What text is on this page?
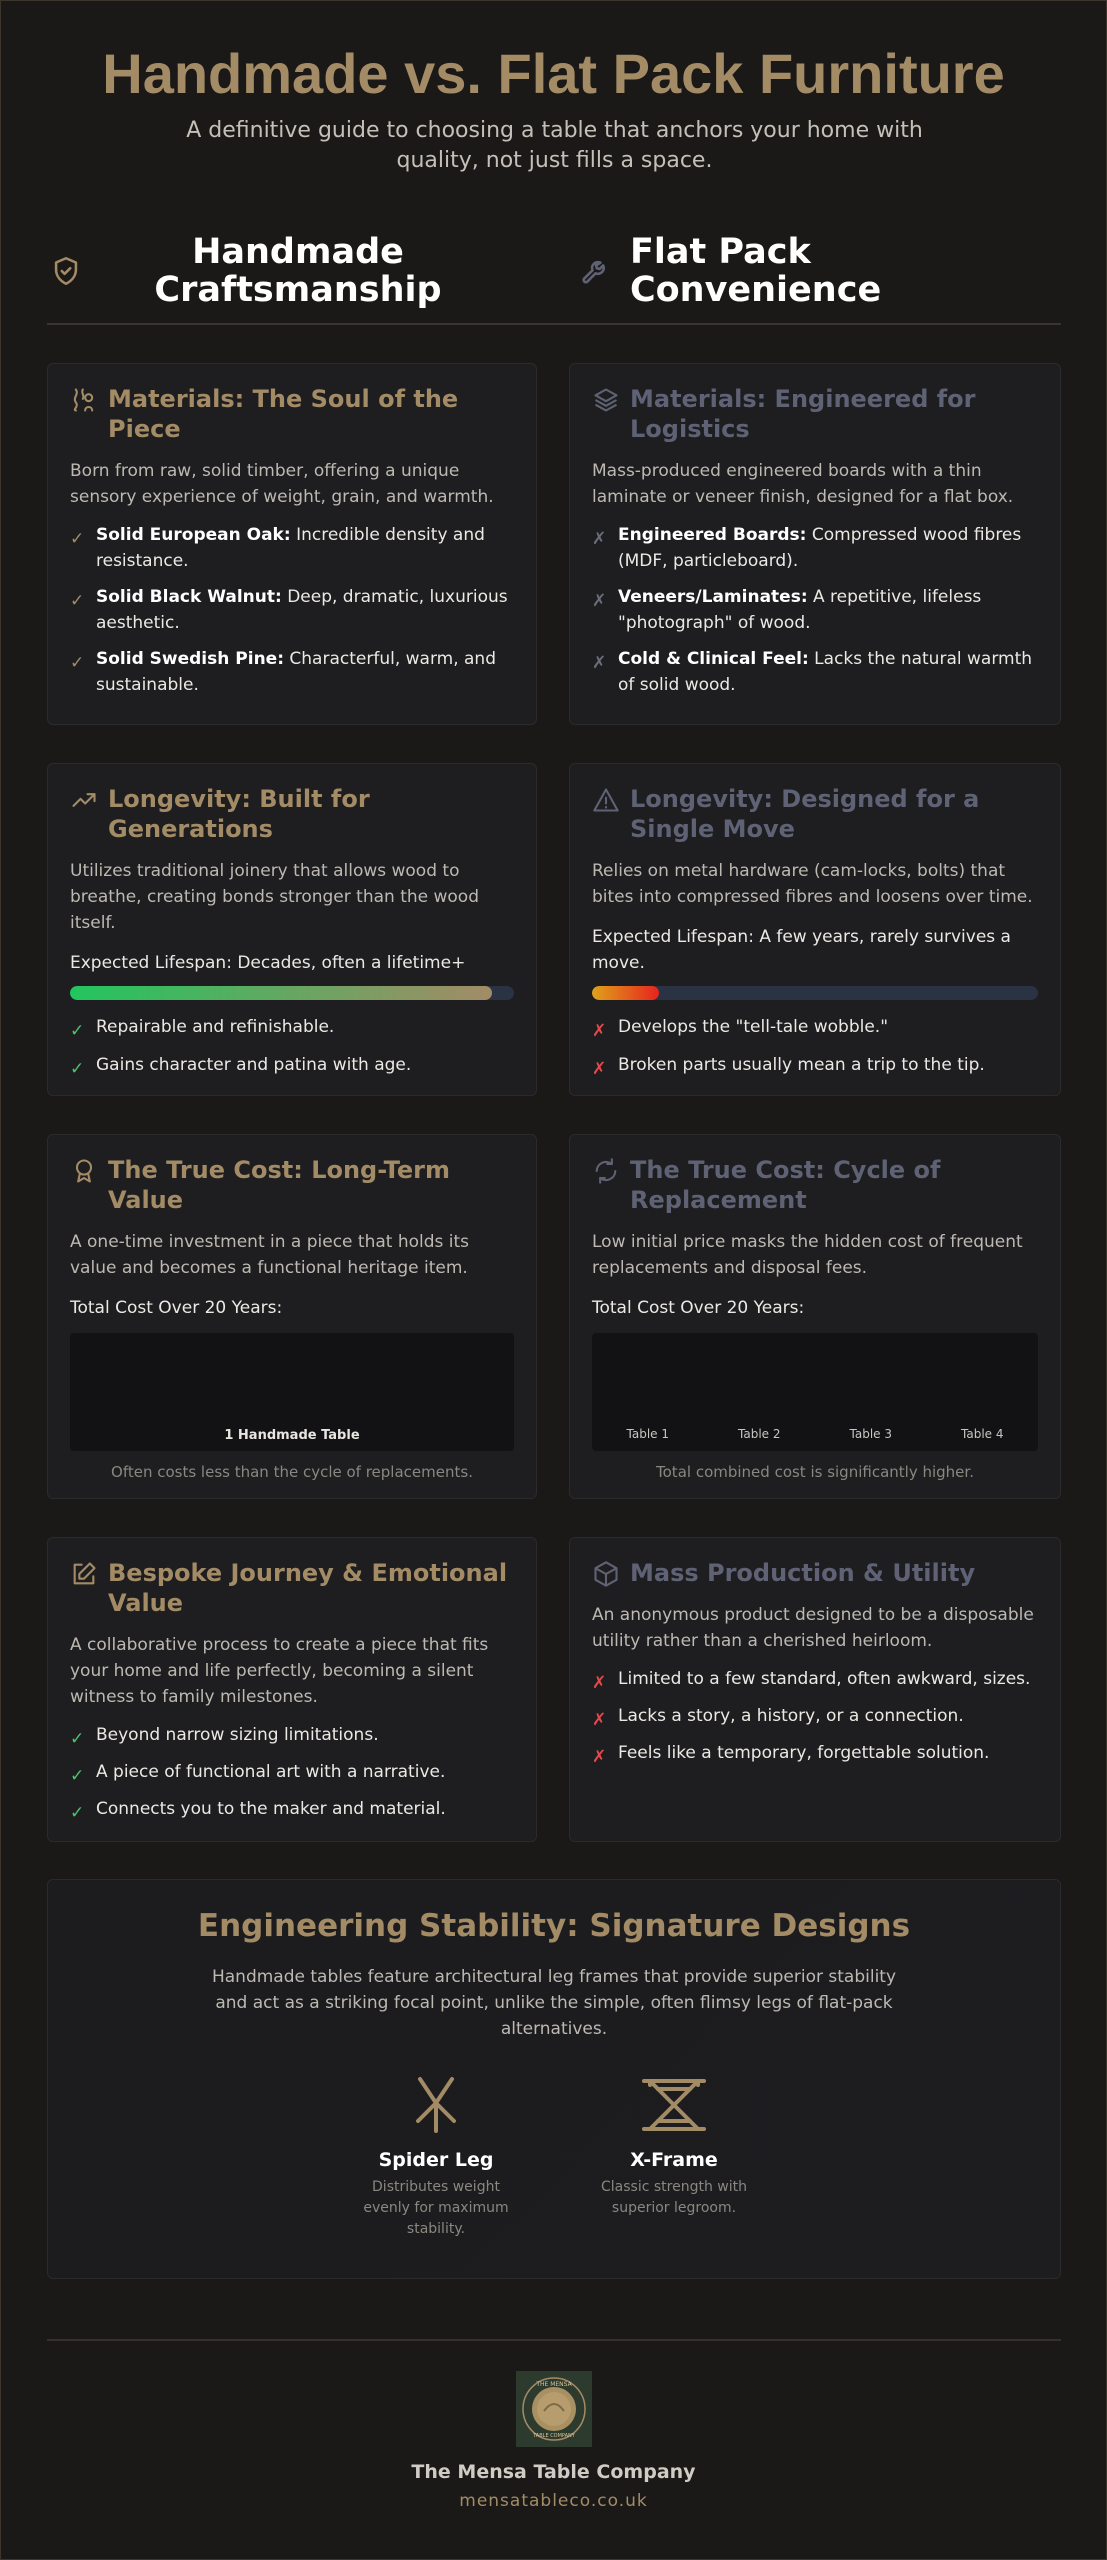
Handmade vs. Flat Pack Furniture
A definitive guide to choosing a table that anchors your home with quality, not just fills a space.
Handmade Craftsmanship
Flat Pack Convenience
Materials: The Soul of the Piece

Born from raw, solid timber, offering a unique sensory experience of weight, grain, and warmth.

✓ Solid European Oak: Incredible density and resistance.
✓ Solid Black Walnut: Deep, dramatic, luxurious aesthetic.
✓ Solid Swedish Pine: Characterful, warm, and sustainable.
Materials: Engineered for Logistics

Mass-produced engineered boards with a thin laminate or veneer finish, designed for a flat box.

✗ Engineered Boards: Compressed wood fibres (MDF, particleboard).
✗ Veneers/Laminates: A repetitive, lifeless "photograph" of wood.
✗ Cold & Clinical Feel: Lacks the natural warmth of solid wood.
Longevity: Built for Generations

Utilizes traditional joinery that allows wood to breathe, creating bonds stronger than the wood itself.

Expected Lifespan: Decades, often a lifetime+
✓ Repairable and refinishable.
✓ Gains character and patina with age.
Longevity: Designed for a Single Move

Relies on metal hardware (cam-locks, bolts) that bites into compressed fibres and loosens over time.

Expected Lifespan: A few years, rarely survives a move.
✗ Develops the "tell-tale wobble."
✗ Broken parts usually mean a trip to the tip.
The True Cost: Long-Term Value

A one-time investment in a piece that holds its value and becomes a functional heritage item.

Total Cost Over 20 Years:
1 Handmade Table
Often costs less than the cycle of replacements.
The True Cost: Cycle of Replacement

Low initial price masks the hidden cost of frequent replacements and disposal fees.

Total Cost Over 20 Years:
Table 1	Table 2	Table 3	Table 4
Total combined cost is significantly higher.
Bespoke Journey & Emotional Value

A collaborative process to create a piece that fits your home and life perfectly, becoming a silent witness to family milestones.

✓ Beyond narrow sizing limitations.
✓ A piece of functional art with a narrative.
✓ Connects you to the maker and material.
Mass Production & Utility

An anonymous product designed to be a disposable utility rather than a cherished heirloom.

✗ Limited to a few standard, often awkward, sizes.
✗ Lacks a story, a history, or a connection.
✗ Feels like a temporary, forgettable solution.
Engineering Stability: Signature Designs

Handmade tables feature architectural leg frames that provide superior stability and act as a striking focal point, unlike the simple, often flimsy legs of flat-pack alternatives.

Spider Leg
Distributes weight evenly for maximum stability.
X-Frame
Classic strength with superior legroom.
THE MENSA
TABLE COMPANY
The Mensa Table Company
mensatableco.co.uk
